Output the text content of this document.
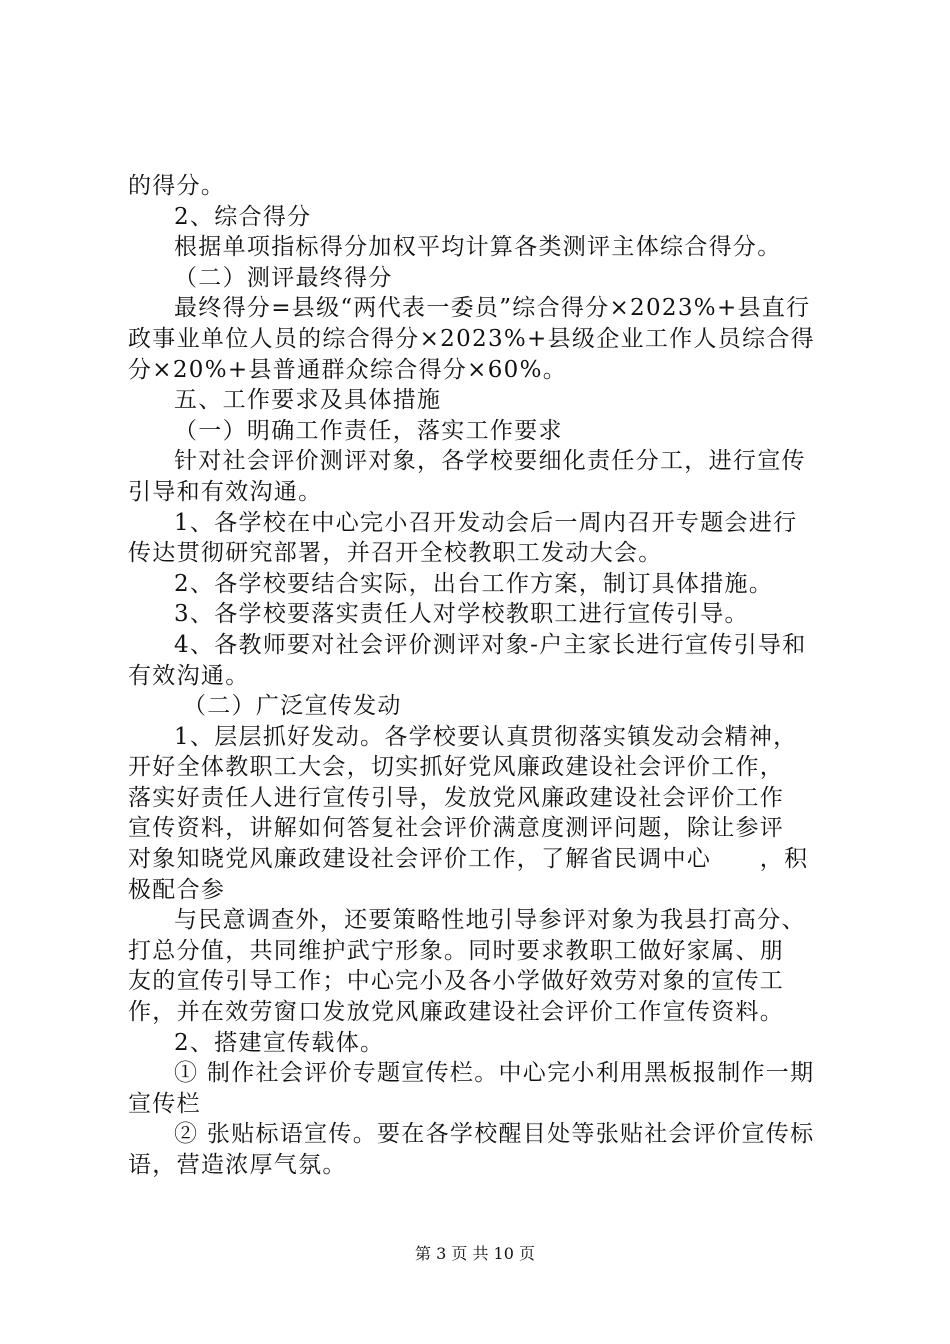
的得分。
2、综合得分
根据单项指标得分加权平均计算各类测评主体综合得分。
（二）测评最终得分
最终得分=县级“两代表一委员”综合得分×2023%+县直行
政事业单位人员的综合得分×2023%+县级企业工作人员综合得
分×20%+县普通群众综合得分×60%。
五、工作要求及具体措施
（一）明确工作责任，落实工作要求
针对社会评价测评对象，各学校要细化责任分工，进行宣传
引导和有效沟通。
1、各学校在中心完小召开发动会后一周内召开专题会进行
传达贯彻研究部署，并召开全校教职工发动大会。
2、各学校要结合实际，出台工作方案，制订具体措施。
3、各学校要落实责任人对学校教职工进行宣传引导。
4、各教师要对社会评价测评对象-户主家长进行宣传引导和
有效沟通。
（二）广泛宣传发动
1、层层抓好发动。各学校要认真贯彻落实镇发动会精神，
开好全体教职工大会，切实抓好党风廉政建设社会评价工作，
落实好责任人进行宣传引导，发放党风廉政建设社会评价工作
宣传资料，讲解如何答复社会评价满意度测评问题，除让参评
对象知晓党风廉政建设社会评价工作，了解省民调中心　　，积
极配合参
与民意调查外，还要策略性地引导参评对象为我县打高分、
打总分值，共同维护武宁形象。同时要求教职工做好家属、朋
友的宣传引导工作；中心完小及各小学做好效劳对象的宣传工
作，并在效劳窗口发放党风廉政建设社会评价工作宣传资料。
2、搭建宣传载体。
① 制作社会评价专题宣传栏。中心完小利用黑板报制作一期
宣传栏
② 张贴标语宣传。要在各学校醒目处等张贴社会评价宣传标
语，营造浓厚气氛。
第 3 页 共 10 页
